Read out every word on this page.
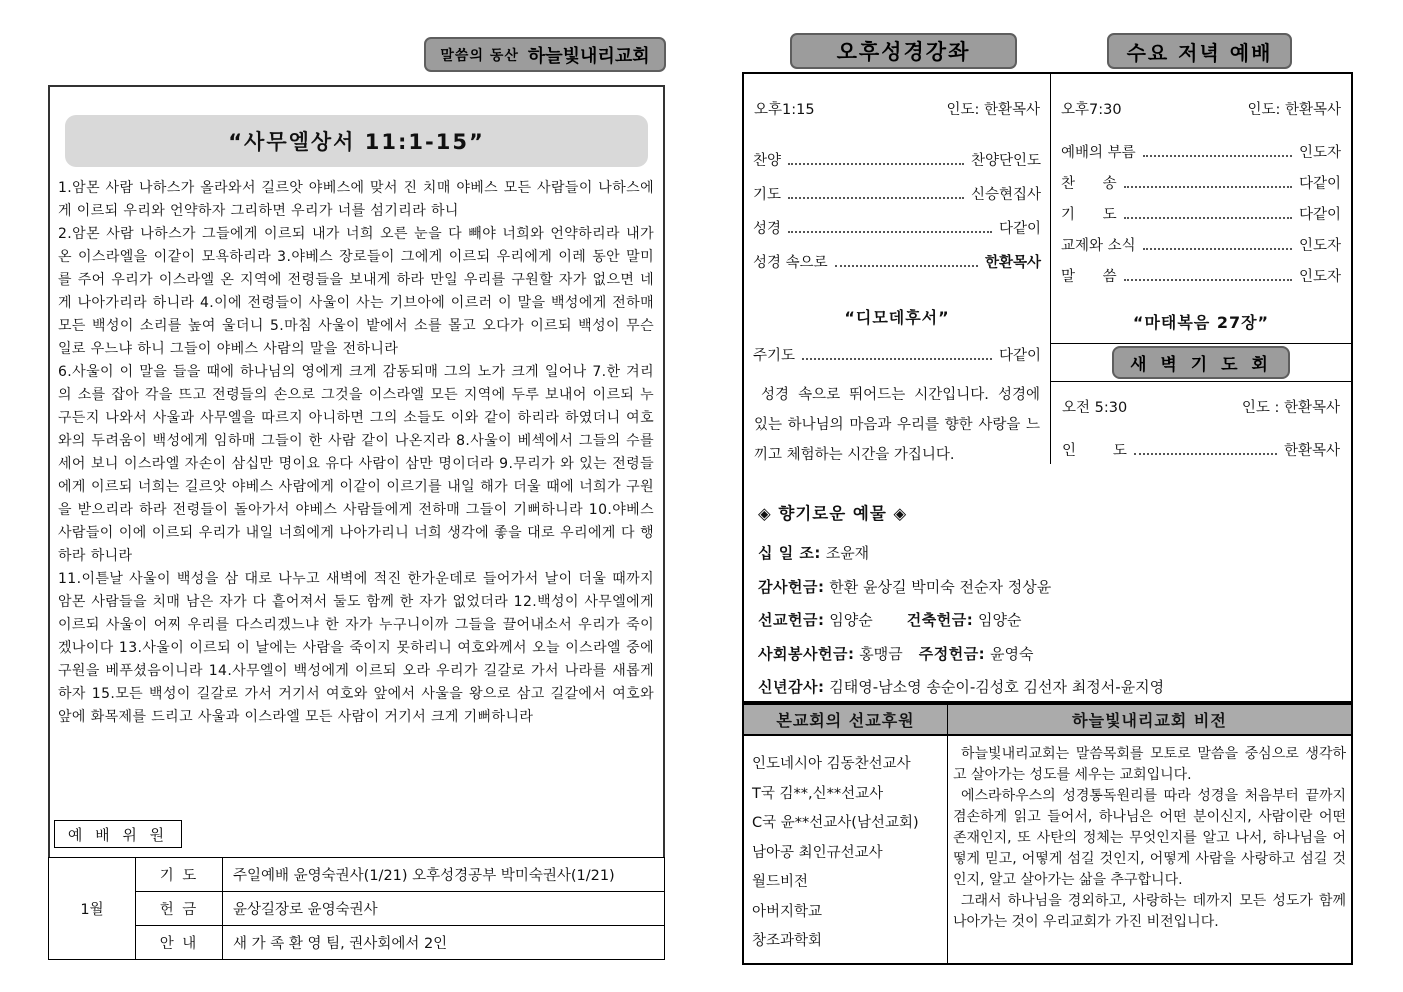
말씀의 동산 하늘빛내리교회
“사무엘상서 11:1-15”

1.암몬 사람 나하스가 올라와서 길르앗 야베스에 맞서 진 치매 야베스 모든 사람들이 나하스에게 이르되 우리와 언약하자 그리하면 우리가 너를 섬기리라 하니

2.암몬 사람 나하스가 그들에게 이르되 내가 너희 오른 눈을 다 빼야 너희와 언약하리라 내가 온 이스라엘을 이같이 모욕하리라 3.야베스 장로들이 그에게 이르되 우리에게 이레 동안 말미를 주어 우리가 이스라엘 온 지역에 전령들을 보내게 하라 만일 우리를 구원할 자가 없으면 네게 나아가리라 하니라 4.이에 전령들이 사울이 사는 기브아에 이르러 이 말을 백성에게 전하매 모든 백성이 소리를 높여 울더니 5.마침 사울이 밭에서 소를 몰고 오다가 이르되 백성이 무슨 일로 우느냐 하니 그들이 야베스 사람의 말을 전하니라

6.사울이 이 말을 들을 때에 하나님의 영에게 크게 감동되매 그의 노가 크게 일어나 7.한 겨리의 소를 잡아 각을 뜨고 전령들의 손으로 그것을 이스라엘 모든 지역에 두루 보내어 이르되 누구든지 나와서 사울과 사무엘을 따르지 아니하면 그의 소들도 이와 같이 하리라 하였더니 여호와의 두려움이 백성에게 임하매 그들이 한 사람 같이 나온지라 8.사울이 베섹에서 그들의 수를 세어 보니 이스라엘 자손이 삼십만 명이요 유다 사람이 삼만 명이더라 9.무리가 와 있는 전령들에게 이르되 너희는 길르앗 야베스 사람에게 이같이 이르기를 내일 해가 더울 때에 너희가 구원을 받으리라 하라 전령들이 돌아가서 야베스 사람들에게 전하매 그들이 기뻐하니라 10.야베스 사람들이 이에 이르되 우리가 내일 너희에게 나아가리니 너희 생각에 좋을 대로 우리에게 다 행하라 하니라

11.이튿날 사울이 백성을 삼 대로 나누고 새벽에 적진 한가운데로 들어가서 날이 더울 때까지 암몬 사람들을 치매 남은 자가 다 흩어져서 둘도 함께 한 자가 없었더라 12.백성이 사무엘에게 이르되 사울이 어찌 우리를 다스리겠느냐 한 자가 누구니이까 그들을 끌어내소서 우리가 죽이겠나이다 13.사울이 이르되 이 날에는 사람을 죽이지 못하리니 여호와께서 오늘 이스라엘 중에 구원을 베푸셨음이니라 14.사무엘이 백성에게 이르되 오라 우리가 길갈로 가서 나라를 새롭게 하자 15.모든 백성이 길갈로 가서 거기서 여호와 앞에서 사울을 왕으로 삼고 길갈에서 여호와 앞에 화목제를 드리고 사울과 이스라엘 모든 사람이 거기서 크게 기뻐하니라

예 배 위 원
1월	기 도	주일예배 윤영숙권사(1/21) 오후성경공부 박미숙권사(1/21)
	헌 금	윤상길장로 윤영숙권사
	안 내	새 가 족 환 영 팀, 권사회에서 2인
오후성경강좌	수요 저녁 예배
오후1:15	인도: 한환목사
찬양	찬양단인도
기도	신승현집사
성경	다같이
성경 속으로	한환목사
“디모데후서”
주기도	다같이
성경 속으로 뛰어드는 시간입니다. 성경에 있는 하나님의 마음과 우리를 향한 사랑을 느끼고 체험하는 시간을 가집니다.
오후7:30	인도: 한환목사
예배의 부름	인도자
찬      송	다같이
기      도	다같이
교제와 소식	인도자
말      씀	인도자
“마태복음 27장”
새 벽 기 도 회
오전 5:30	인도 : 한환목사
인        도	한환목사
◈ 향기로운 예물 ◈
십 일 조: 조윤재
감사헌금: 한환 윤상길 박미숙 전순자 정상윤
선교헌금: 임양순 건축헌금: 임양순
사회봉사헌금: 홍맹금 주정헌금: 윤영숙
신년감사: 김태영-남소영 송순이-김성호 김선자 최정서-윤지영
본교회의 선교후원	하늘빛내리교회 비전
인도네시아 김동찬선교사
T국 김**,신**선교사
C국 윤**선교사(남선교회)
남아공 최인규선교사
월드비전
아버지학교
창조과학회

하늘빛내리교회는 말씀목회를 모토로 말씀을 중심으로 생각하고 살아가는 성도를 세우는 교회입니다.

에스라하우스의 성경통독원리를 따라 성경을 처음부터 끝까지 겸손하게 읽고 들어서, 하나님은 어떤 분이신지, 사람이란 어떤 존재인지, 또 사탄의 정체는 무엇인지를 알고 나서, 하나님을 어떻게 믿고, 어떻게 섬길 것인지, 어떻게 사람을 사랑하고 섬길 것인지, 알고 살아가는 삶을 추구합니다.

그래서 하나님을 경외하고, 사랑하는 데까지 모든 성도가 함께 나아가는 것이 우리교회가 가진 비전입니다.
